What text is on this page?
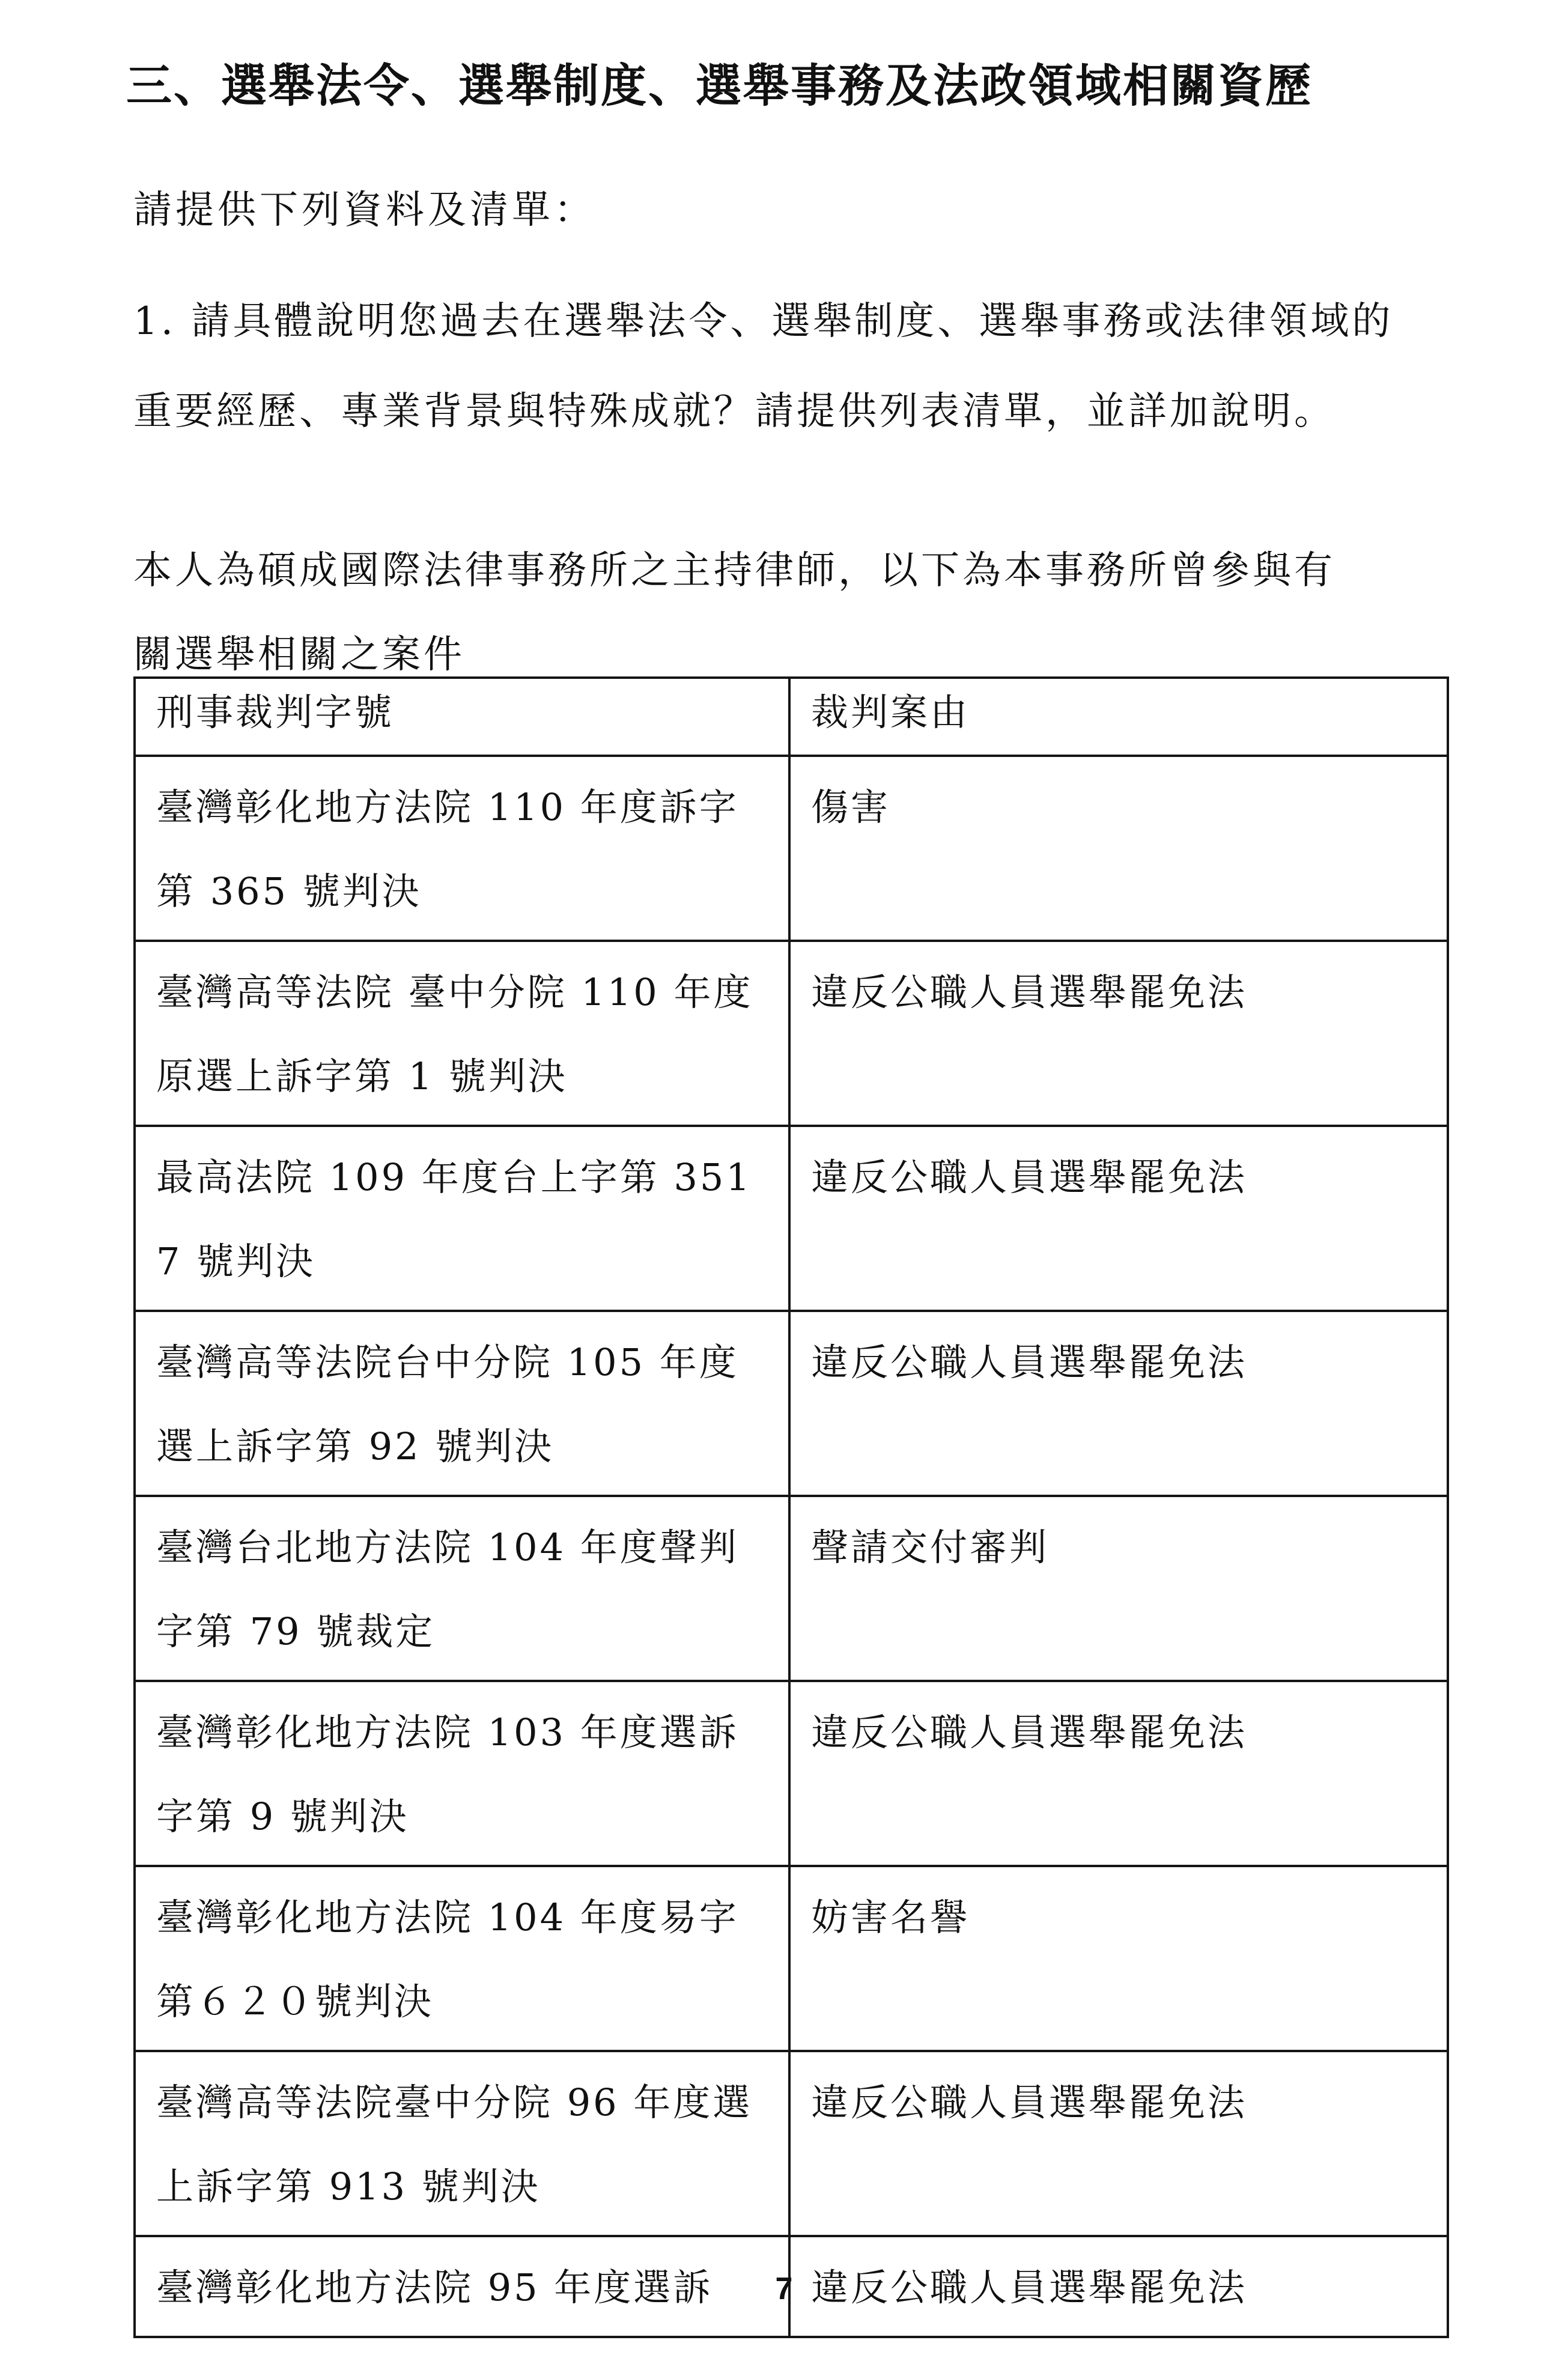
三、選舉法令、選舉制度、選舉事務及法政領域相關資歷
請提供下列資料及清單：
1. 請具體說明您過去在選舉法令、選舉制度、選舉事務或法律領域的
重要經歷、專業背景與特殊成就？請提供列表清單，並詳加說明。
本人為碩成國際法律事務所之主持律師，以下為本事務所曾參與有
關選舉相關之案件
刑事裁判字號	裁判案由
臺灣彰化地方法院 110 年度訴字第 365 號判決	傷害
臺灣高等法院 臺中分院 110 年度原選上訴字第 1 號判決	違反公職人員選舉罷免法
最高法院 109 年度台上字第 3517 號判決	違反公職人員選舉罷免法
臺灣高等法院台中分院 105 年度選上訴字第 92 號判決	違反公職人員選舉罷免法
臺灣台北地方法院 104 年度聲判字第 79 號裁定	聲請交付審判
臺灣彰化地方法院 103 年度選訴字第 9 號判決	違反公職人員選舉罷免法
臺灣彰化地方法院 104 年度易字第６２０號判決	妨害名譽
臺灣高等法院臺中分院 96 年度選上訴字第 913 號判決	違反公職人員選舉罷免法
臺灣彰化地方法院 95 年度選訴	違反公職人員選舉罷免法
7
